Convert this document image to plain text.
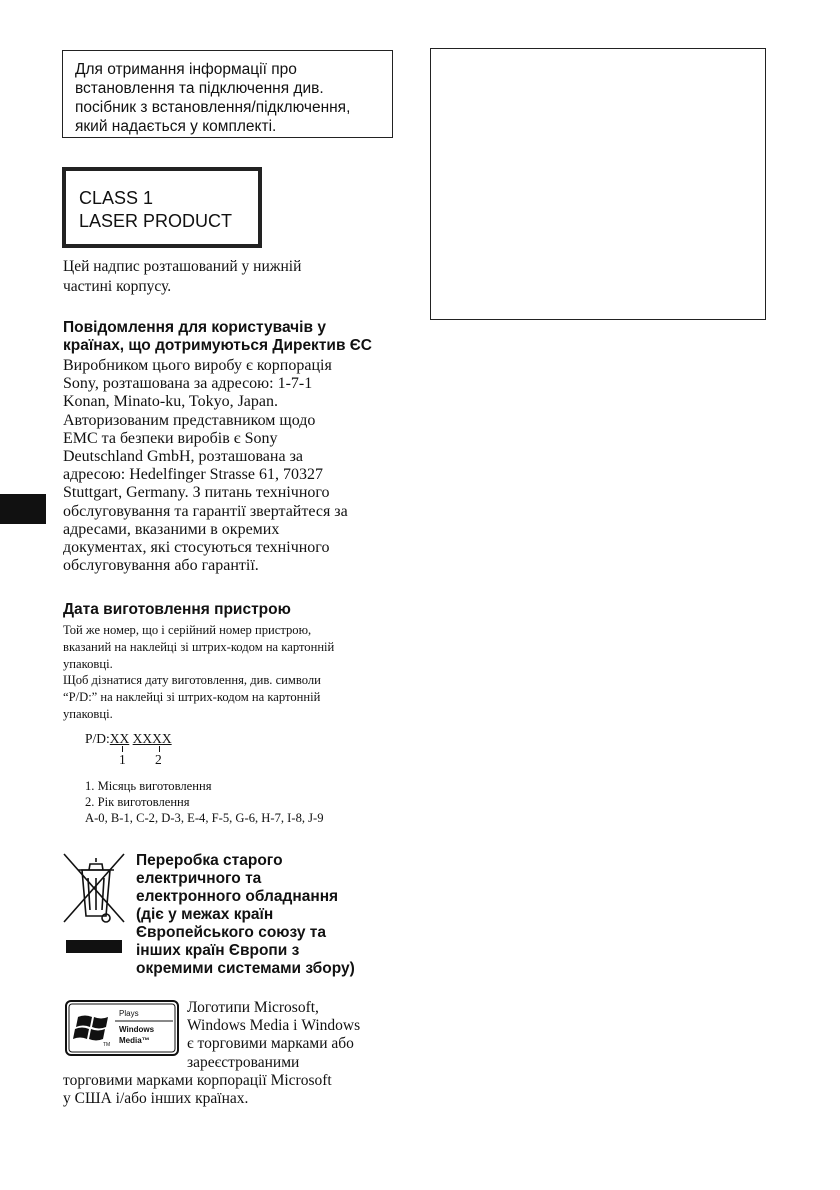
Для отримання інформації про
встановлення та підключення див.
посібник з встановлення/підключення,
який надається у комплекті.
CLASS 1
LASER PRODUCT
Цей надпис розташований у нижній
частині корпусу.
Повідомлення для користувачів у
країнах, що дотримуються Директив ЄС
Виробником цього виробу є корпорація
Sony, розташована за адресою: 1-7-1
Konan, Minato-ku, Tokyo, Japan.
Авторизованим представником щодо
EMC та безпеки виробів є Sony
Deutschland GmbH, розташована за
адресою: Hedelfinger Strasse 61, 70327
Stuttgart, Germany. З питань технічного
обслуговування та гарантії звертайтеся за
адресами, вказаними в окремих
документах, які стосуються технічного
обслуговування або гарантії.
Дата виготовлення пристрою
Той же номер, що і серійний номер пристрою,
вказаний на наклейці зі штрих-кодом на картонній
упаковці.
Щоб дізнатися дату виготовлення, див. символи
“P/D:” на наклейці зі штрих-кодом на картонній
упаковці.
P/D:XX XXXX
1 2
1. Місяць виготовлення
2. Рік виготовлення
A-0, B-1, C-2, D-3, E-4, F-5, G-6, H-7, I-8, J-9
Переробка старого
електричного та
електронного обладнання
(діє у межах країн
Європейського союзу та
інших країн Європи з
окремими системами збору)
Plays
Windows
Media™
TM
Логотипи Microsoft,
Windows Media і Windows
є торговими марками або
зареєстрованими
торговими марками корпорації Microsoft
у США і/або інших країнах.
